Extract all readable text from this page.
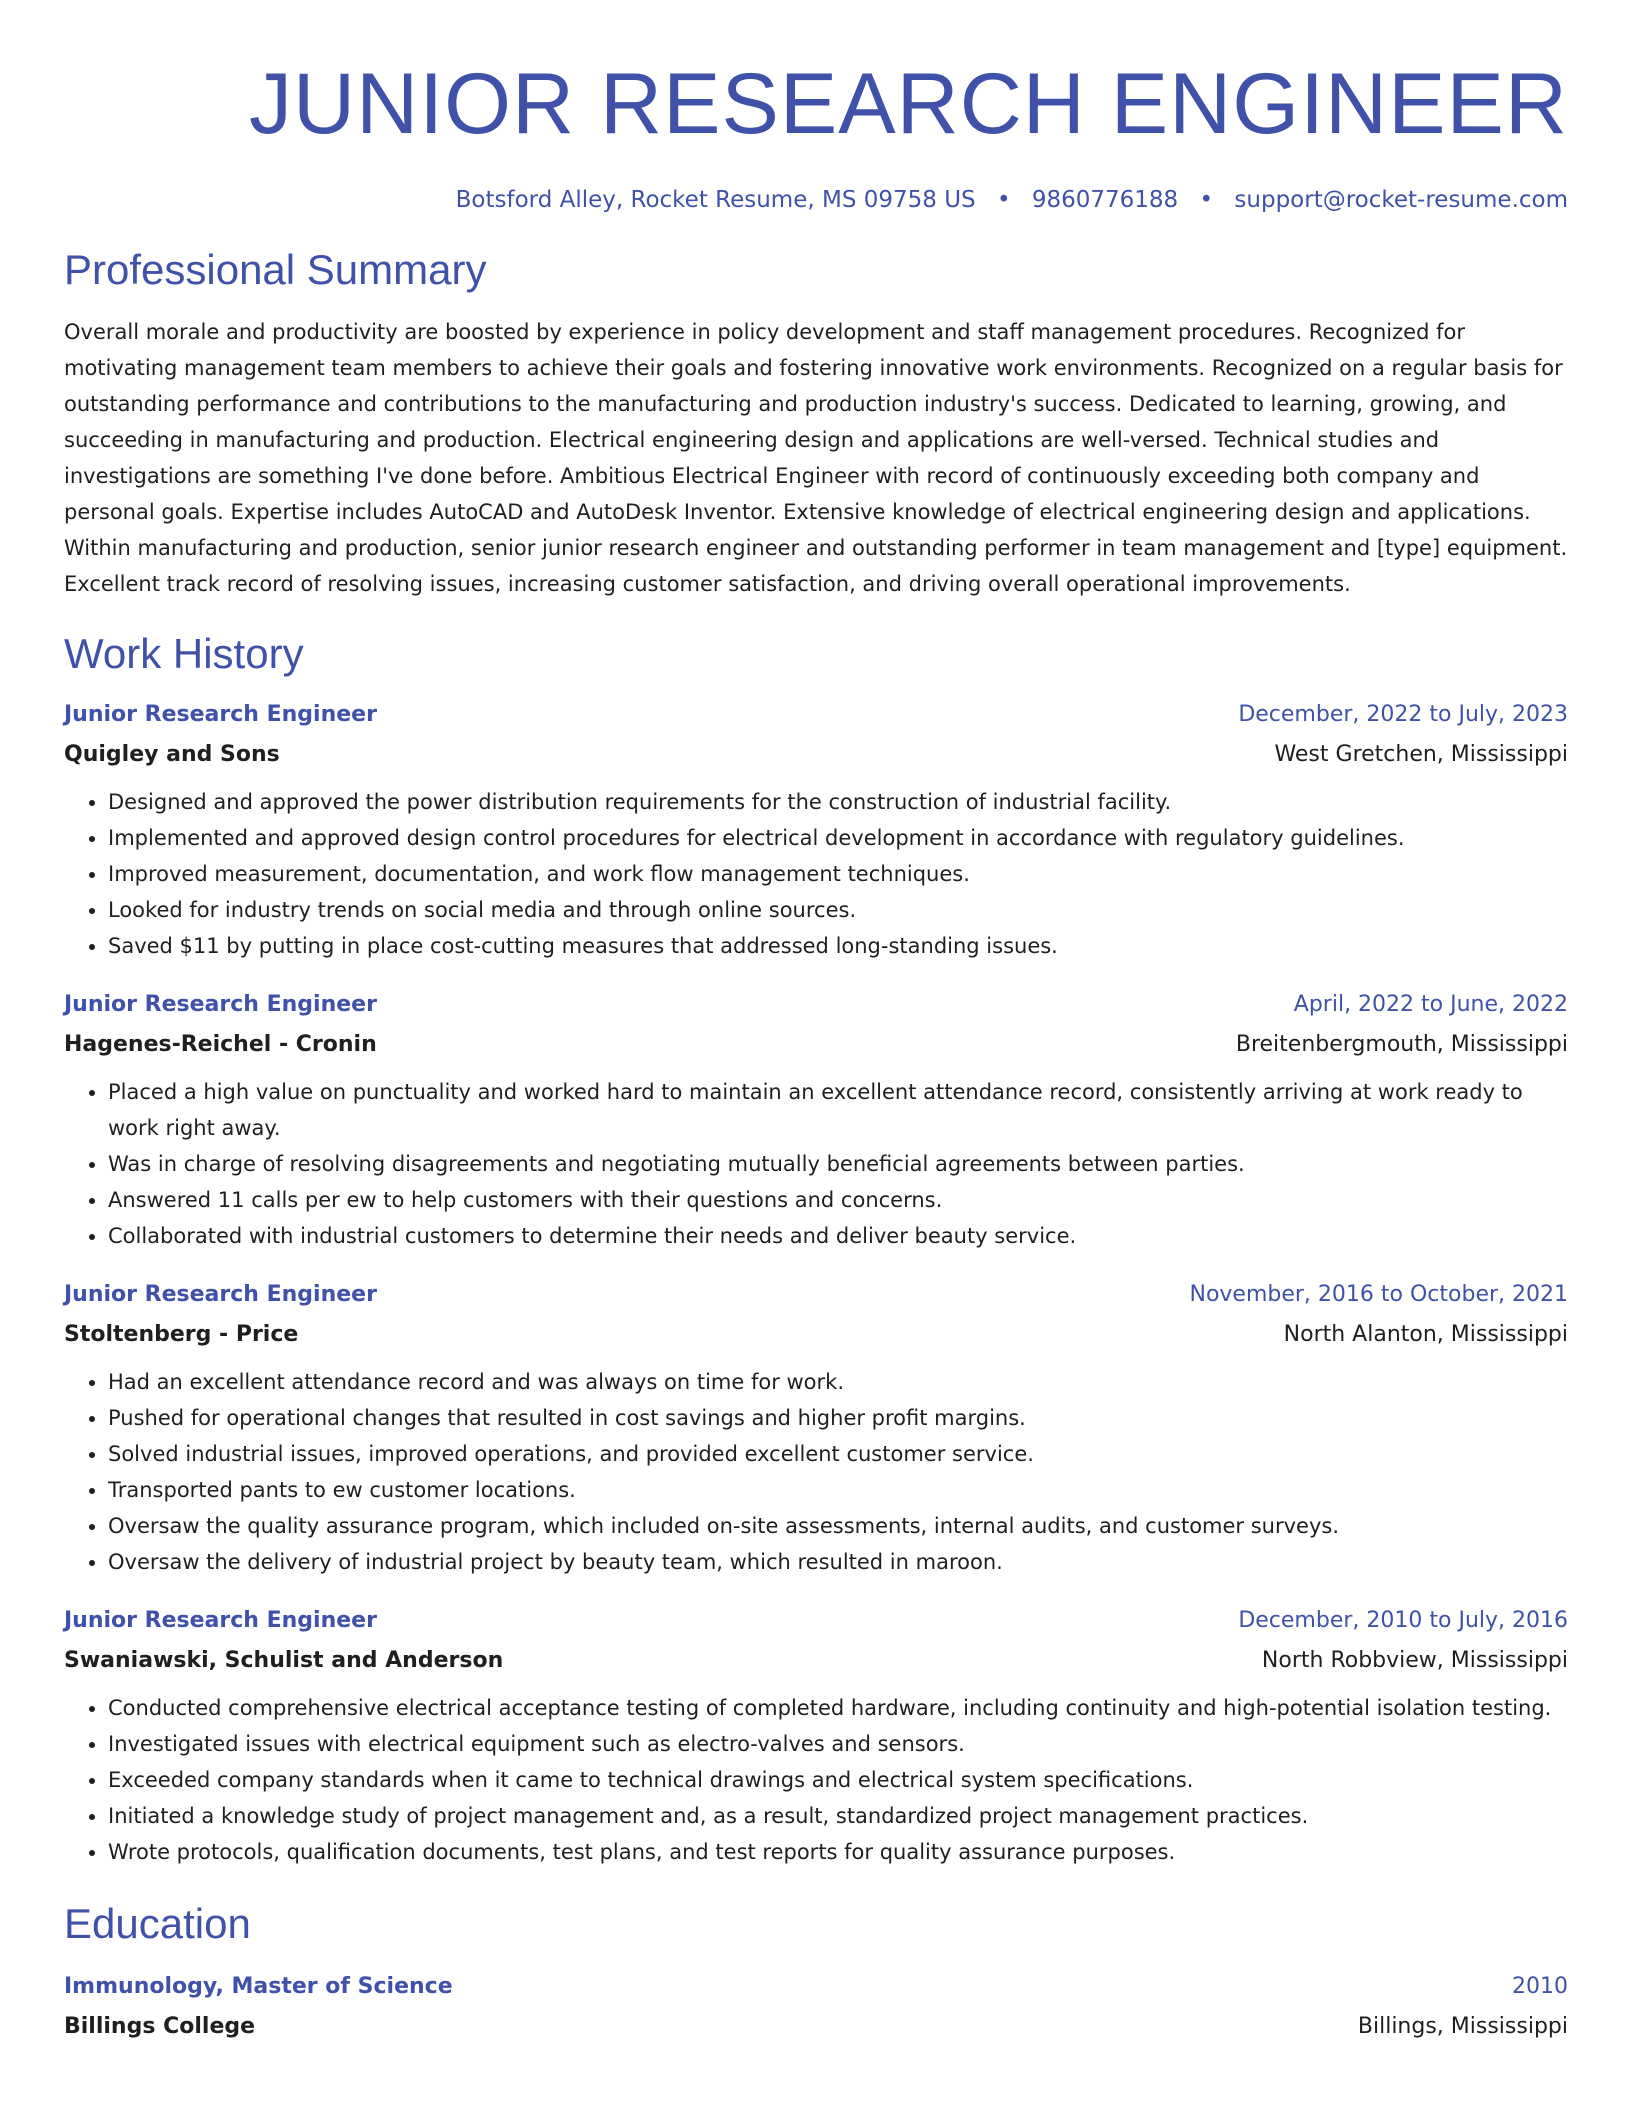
JUNIOR RESEARCH ENGINEER
Botsford Alley, Rocket Resume, MS 09758 US • 9860776188 • support@rocket-resume.com
Professional Summary
Overall morale and productivity are boosted by experience in policy development and staff management procedures. Recognized for motivating management team members to achieve their goals and fostering innovative work environments. Recognized on a regular basis for outstanding performance and contributions to the manufacturing and production industry's success. Dedicated to learning, growing, and succeeding in manufacturing and production. Electrical engineering design and applications are well-versed. Technical studies and investigations are something I've done before. Ambitious Electrical Engineer with record of continuously exceeding both company and personal goals. Expertise includes AutoCAD and AutoDesk Inventor. Extensive knowledge of electrical engineering design and applications. Within manufacturing and production, senior junior research engineer and outstanding performer in team management and [type] equipment. Excellent track record of resolving issues, increasing customer satisfaction, and driving overall operational improvements.
Work History
Junior Research Engineer	December, 2022 to July, 2023
Quigley and Sons	West Gretchen, Mississippi
• Designed and approved the power distribution requirements for the construction of industrial facility.
• Implemented and approved design control procedures for electrical development in accordance with regulatory guidelines.
• Improved measurement, documentation, and work flow management techniques.
• Looked for industry trends on social media and through online sources.
• Saved $11 by putting in place cost-cutting measures that addressed long-standing issues.
Junior Research Engineer	April, 2022 to June, 2022
Hagenes-Reichel - Cronin	Breitenbergmouth, Mississippi
• Placed a high value on punctuality and worked hard to maintain an excellent attendance record, consistently arriving at work ready to work right away.
• Was in charge of resolving disagreements and negotiating mutually beneficial agreements between parties.
• Answered 11 calls per ew to help customers with their questions and concerns.
• Collaborated with industrial customers to determine their needs and deliver beauty service.
Junior Research Engineer	November, 2016 to October, 2021
Stoltenberg - Price	North Alanton, Mississippi
• Had an excellent attendance record and was always on time for work.
• Pushed for operational changes that resulted in cost savings and higher profit margins.
• Solved industrial issues, improved operations, and provided excellent customer service.
• Transported pants to ew customer locations.
• Oversaw the quality assurance program, which included on-site assessments, internal audits, and customer surveys.
• Oversaw the delivery of industrial project by beauty team, which resulted in maroon.
Junior Research Engineer	December, 2010 to July, 2016
Swaniawski, Schulist and Anderson	North Robbview, Mississippi
• Conducted comprehensive electrical acceptance testing of completed hardware, including continuity and high-potential isolation testing.
• Investigated issues with electrical equipment such as electro-valves and sensors.
• Exceeded company standards when it came to technical drawings and electrical system specifications.
• Initiated a knowledge study of project management and, as a result, standardized project management practices.
• Wrote protocols, qualification documents, test plans, and test reports for quality assurance purposes.
Education
Immunology, Master of Science	2010
Billings College	Billings, Mississippi
